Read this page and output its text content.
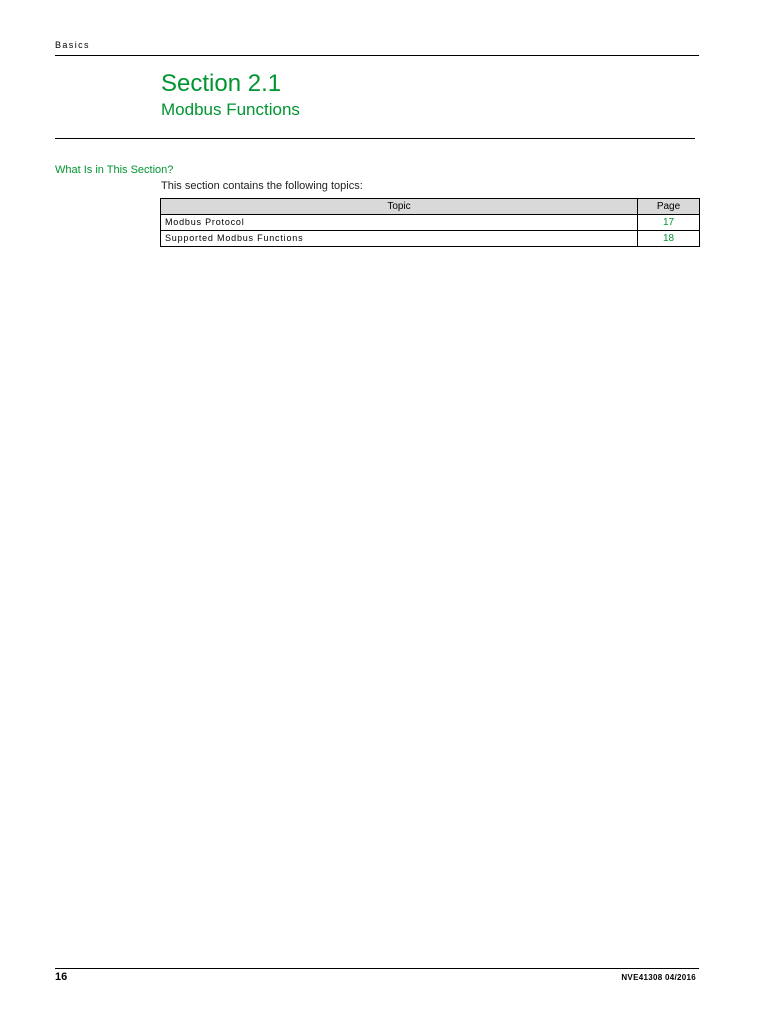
Basics
Section 2.1
Modbus Functions
What Is in This Section?
This section contains the following topics:
Topic	Page
Modbus Protocol	17
Supported Modbus Functions	18
16	NVE41308 04/2016
